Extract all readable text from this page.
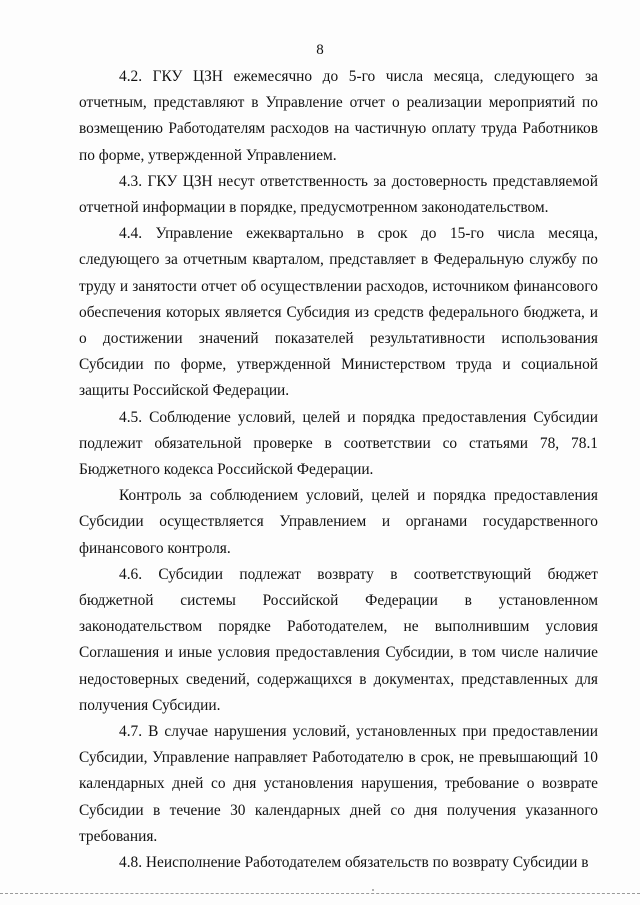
8

4.2. ГКУ ЦЗН ежемесячно до 5-го числа месяца, следующего за отчетным, представляют в Управление отчет о реализации мероприятий по возмещению Работодателям расходов на частичную оплату труда Работников по форме, утвержденной Управлением.

4.3. ГКУ ЦЗН несут ответственность за достоверность представляемой отчетной информации в порядке, предусмотренном законодательством.

4.4. Управление ежеквартально в срок до 15-го числа месяца, следующего за отчетным кварталом, представляет в Федеральную службу по труду и занятости отчет об осуществлении расходов, источником финансового обеспечения которых является Субсидия из средств федерального бюджета, и о достижении значений показателей результативности использования Субсидии по форме, утвержденной Министерством труда и социальной защиты Российской Федерации.

4.5. Соблюдение условий, целей и порядка предоставления Субсидии подлежит обязательной проверке в соответствии со статьями 78, 78.1 Бюджетного кодекса Российской Федерации.

Контроль за соблюдением условий, целей и порядка предоставления Субсидии осуществляется Управлением и органами государственного финансового контроля.

4.6. Субсидии подлежат возврату в соответствующий бюджет бюджетной системы Российской Федерации в установленном законодательством порядке Работодателем, не выполнившим условия Соглашения и иные условия предоставления Субсидии, в том числе наличие недостоверных сведений, содержащихся в документах, представленных для получения Субсидии.

4.7. В случае нарушения условий, установленных при предоставлении Субсидии, Управление направляет Работодателю в срок, не превышающий 10 календарных дней со дня установления нарушения, требование о возврате Субсидии в течение 30 календарных дней со дня получения указанного требования.

4.8. Неисполнение Работодателем обязательств по возврату Субсидии в
